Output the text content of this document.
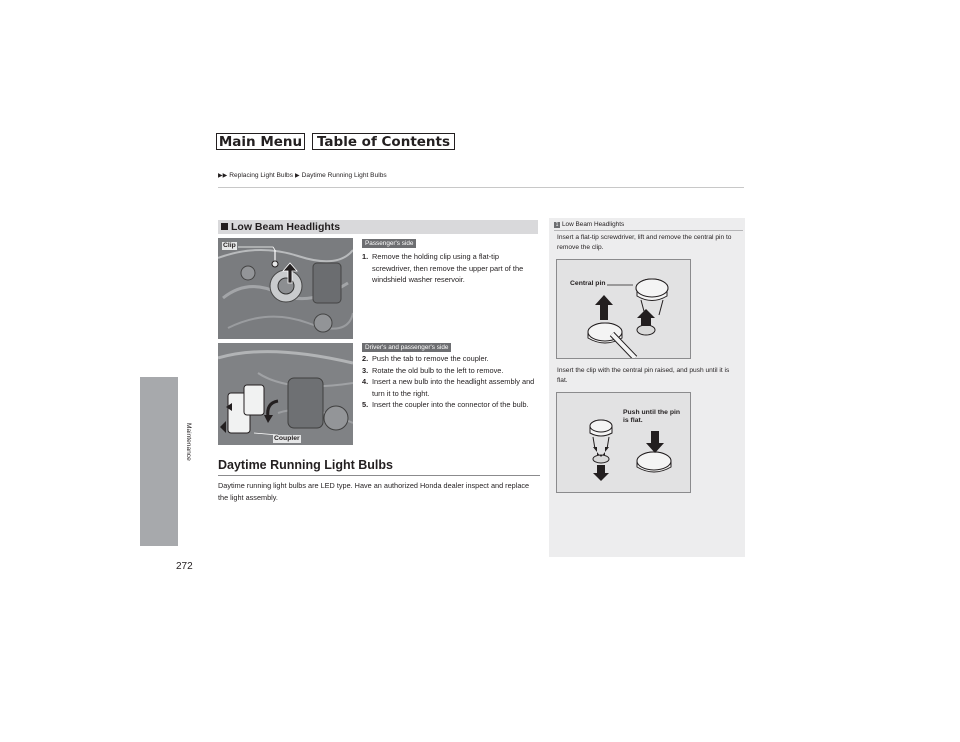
Main Menu	Table of Contents
▶▶ Replacing Light Bulbs ▶ Daytime Running Light Bulbs
Maintenance
272
Low Beam Headlights
Clip
Coupler
Passenger's side
Driver's and passenger's side
1. Remove the holding clip using a flat-tip screwdriver, then remove the upper part of the windshield washer reservoir.
2. Push the tab to remove the coupler.
3. Rotate the old bulb to the left to remove.
4. Insert a new bulb into the headlight assembly and turn it to the right.
5. Insert the coupler into the connector of the bulb.
Daytime Running Light Bulbs
Daytime running light bulbs are LED type. Have an authorized Honda dealer inspect and replace the light assembly.
1 Low Beam Headlights
Insert a flat-tip screwdriver, lift and remove the central pin to remove the clip.
Central pin
Insert the clip with the central pin raised, and push until it is flat.
Push until the pin is flat.
